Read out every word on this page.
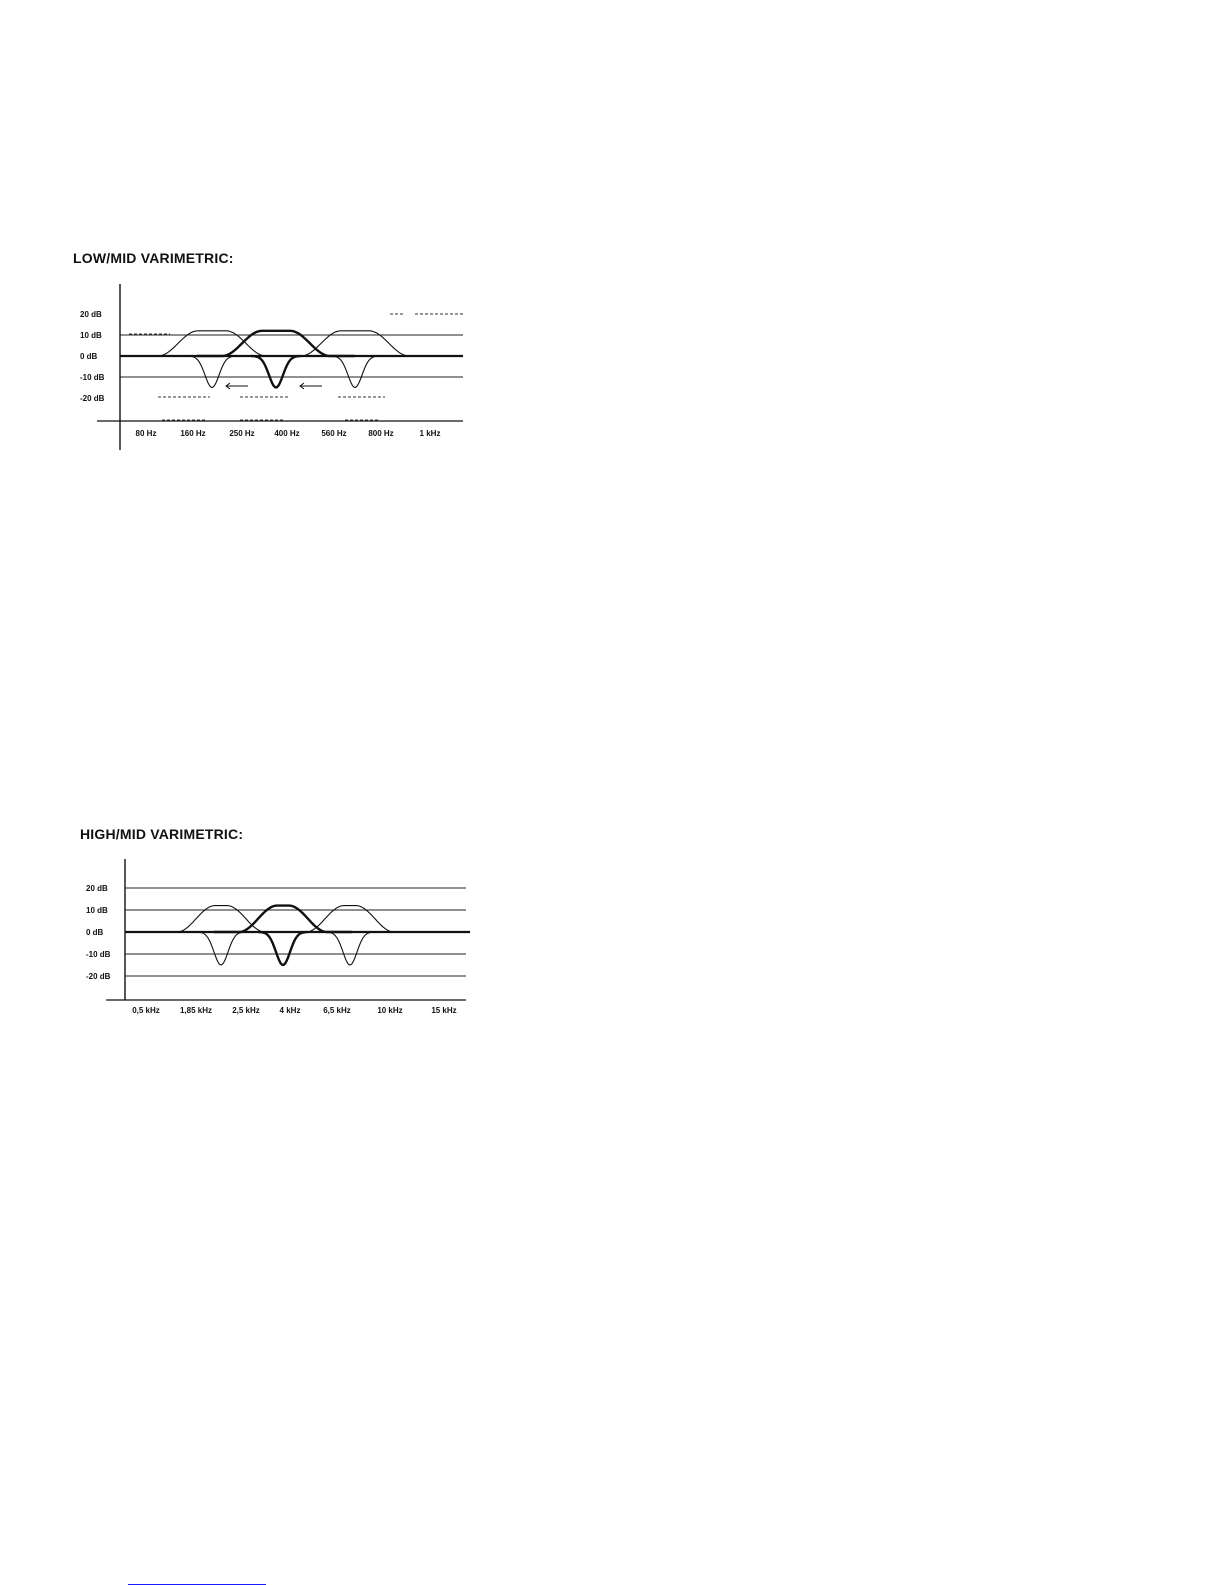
LOW/MID VARIMETRIC:
20 dB
10 dB
0 dB
-10 dB
-20 dB
80 Hz	160 Hz	250 Hz 400 Hz	560 Hz	800 Hz	1 kHz
HIGH/MID VARIMETRIC:
20 dB
10 dB
0 dB
-10 dB
-20 dB
0,5 kHz	1,85 kHz	2,5 kHz 4 kHz	6,5 kHz	10 kHz	15 kHz
